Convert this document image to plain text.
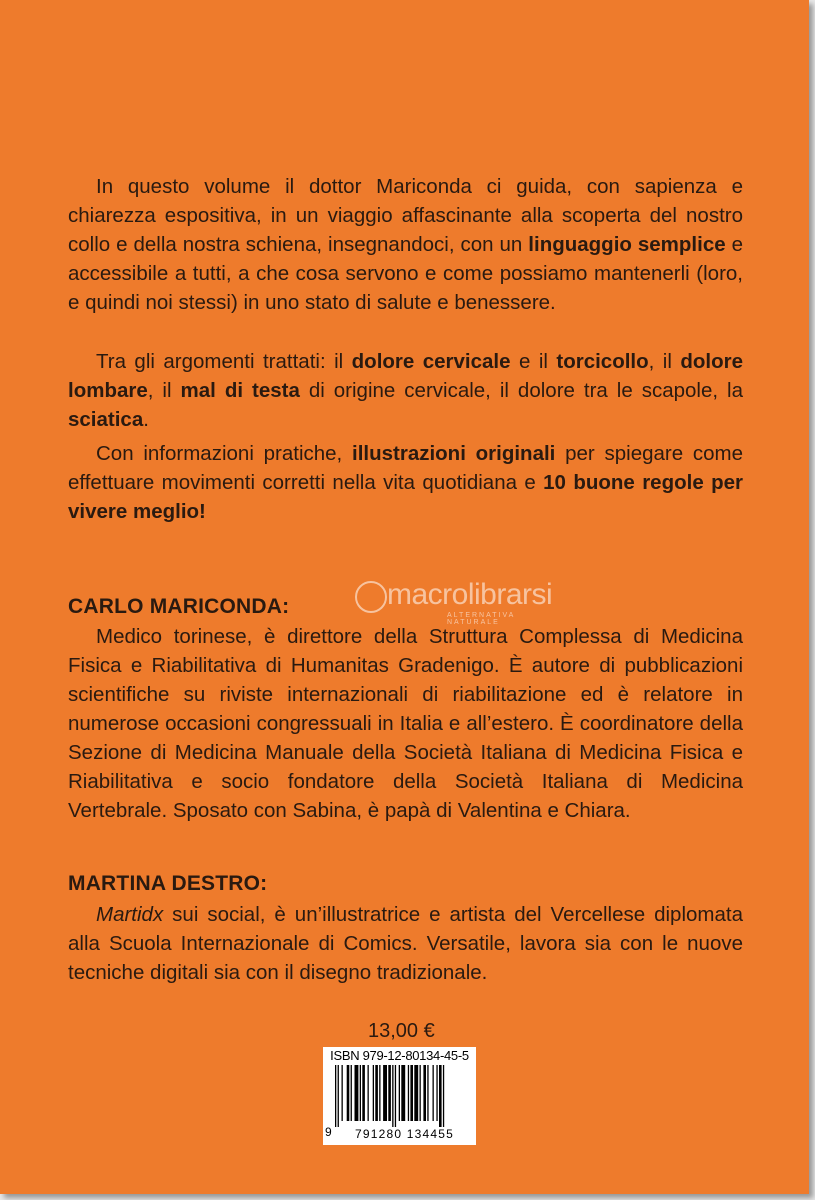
In questo volume il dottor Mariconda ci guida, con sapienza e chiarezza espositiva, in un viaggio affascinante alla scoperta del nostro collo e della nostra schiena, insegnandoci, con un linguaggio semplice e accessibile a tutti, a che cosa servono e come possiamo mantenerli (loro, e quindi noi stessi) in uno stato di salute e benessere.

Tra gli argomenti trattati: il dolore cervicale e il torcicollo, il dolore lombare, il mal di testa di origine cervicale, il dolore tra le scapole, la sciatica.

Con informazioni pratiche, illustrazioni originali per spiegare come effettuare movimenti corretti nella vita quotidiana e 10 buone regole per vivere meglio!

CARLO MARICONDA:	macrolibrarsi
ALTERNATIVA NATURALE

Medico torinese, è direttore della Struttura Complessa di Medicina Fisica e Riabilitativa di Humanitas Gradenigo. È autore di pubblicazioni scientifiche su riviste internazionali di riabilitazione ed è relatore in numerose occasioni congressuali in Italia e all’estero. È coordinatore della Sezione di Medicina Manuale della Società Italiana di Medicina Fisica e Riabilitativa e socio fondatore della Società Italiana di Medicina Vertebrale. Sposato con Sabina, è papà di Valentina e Chiara.

MARTINA DESTRO:

Martidx sui social, è un’illustratrice e artista del Vercellese diplomata alla Scuola Internazionale di Comics. Versatile, lavora sia con le nuove tecniche digitali sia con il disegno tradizionale.

13,00 €
ISBN 979-12-80134-45-5
9	791280 134455
